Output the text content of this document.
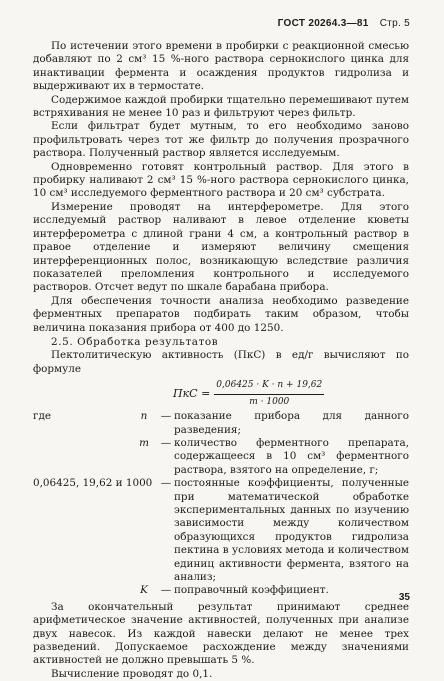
ГОСТ 20264.3—81 Стр. 5

По истечении этого времени в пробирки с реакционной смесью добавляют по 2 см³ 15 %-ного раствора сернокислого цинка для инактивации фермента и осаждения продуктов гидролиза и выдерживают их в термостате.

Содержимое каждой пробирки тщательно перемешивают путем встряхивания не менее 10 раз и фильтруют через фильтр.

Если фильтрат будет мутным, то его необходимо заново профильтровать через тот же фильтр до получения прозрачного раствора. Полученный раствор является исследуемым.

Одновременно готовят контрольный раствор. Для этого в пробирку наливают 2 см³ 15 %-ного раствора сернокислого цинка, 10 см³ исследуемого ферментного раствора и 20 см³ субстрата.

Измерение проводят на интерферометре. Для этого исследуемый раствор наливают в левое отделение кюветы интерферометра с длиной грани 4 см, а контрольный раствор в правое отделение и измеряют величину смещения интерференционных полос, возникающую вследствие различия показателей преломления контрольного и исследуемого растворов. Отсчет ведут по шкале барабана прибора.

Для обеспечения точности анализа необходимо разведение ферментных препаратов подбирать таким образом, чтобы величина показания прибора от 400 до 1250.

2.5. Обработка результатов

Пектолитическую активность (ПкС) в ед/г вычисляют по формуле

ПкС = $\frac{0,06425 \cdot K \cdot n + 19,62}{m \cdot 1000}$
где	n	— показание прибора для данного разведения;
m	— количество ферментного препарата, содержащееся в 10 см³ ферментного раствора, взятого на определение, г;
0,06425, 19,62 и 1000 — постоянные коэффициенты, полученные при математической обработке экспериментальных данных по изучению зависимости между количеством образующихся продуктов гидролиза пектина в условиях метода и количеством единиц активности фермента, взятого на анализ;
K	— поправочный коэффициент.

За окончательный результат принимают среднее арифметическое значение активностей, полученных при анализе двух навесок. Из каждой навески делают не менее трех разведений. Допускаемое расхождение между значениями активностей не должно превышать 5 %.

Вычисление проводят до 0,1.

35
